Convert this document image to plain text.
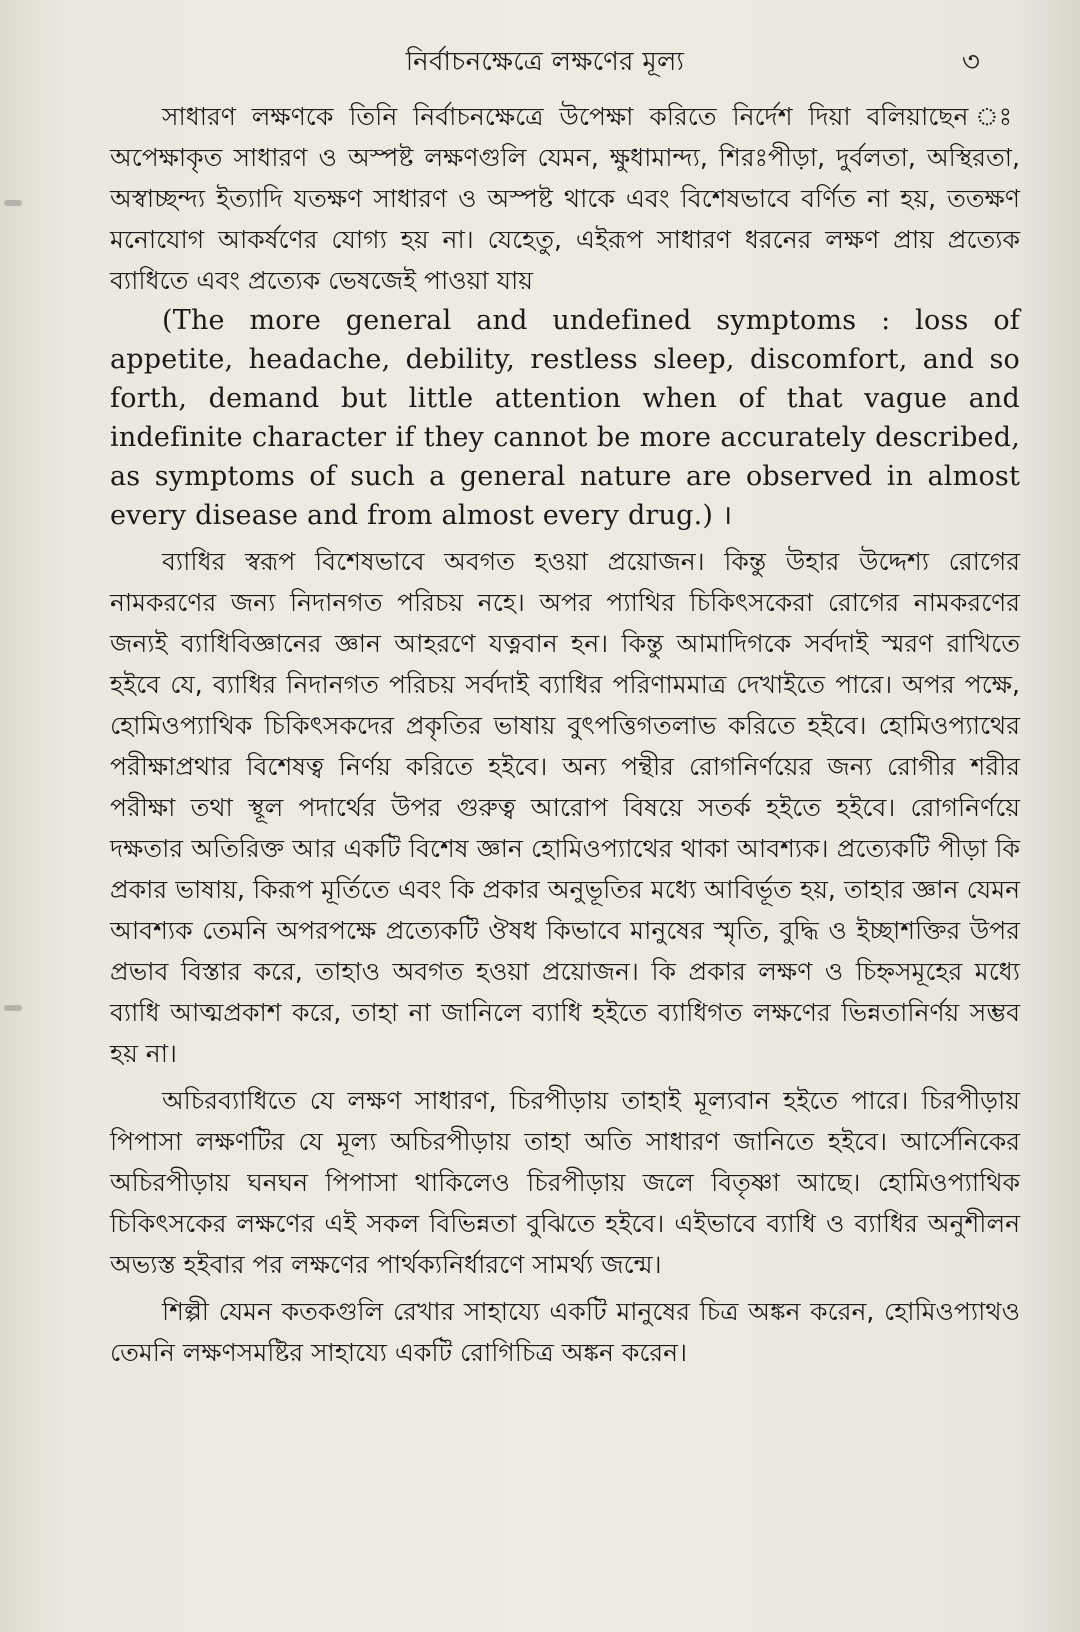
নির্বাচনক্ষেত্রে লক্ষণের মূল্য	৩

সাধারণ লক্ষণকে তিনি নির্বাচনক্ষেত্রে উপেক্ষা করিতে নির্দেশ দিয়া বলিয়াছেন ঃ অপেক্ষাকৃত সাধারণ ও অস্পষ্ট লক্ষণগুলি যেমন, ক্ষুধামান্দ্য, শিরঃপীড়া, দুর্বলতা, অস্থিরতা, অস্বাচ্ছন্দ্য ইত্যাদি যতক্ষণ সাধারণ ও অস্পষ্ট থাকে এবং বিশেষভাবে বর্ণিত না হয়, ততক্ষণ মনোযোগ আকর্ষণের যোগ্য হয় না। যেহেতু, এইরূপ সাধারণ ধরনের লক্ষণ প্রায় প্রত্যেক ব্যাধিতে এবং প্রত্যেক ভেষজেই পাওয়া যায়
(The more general and undefined symptoms : loss of appetite, headache, debility, restless sleep, discomfort, and so forth, demand but little attention when of that vague and indefinite character if they cannot be more accurately described, as symptoms of such a general nature are observed in almost every disease and from almost every drug.) ।

ব্যাধির স্বরূপ বিশেষভাবে অবগত হওয়া প্রয়োজন। কিন্তু উহার উদ্দেশ্য রোগের নামকরণের জন্য নিদানগত পরিচয় নহে। অপর প্যাথির চিকিৎসকেরা রোগের নামকরণের জন্যই ব্যাধিবিজ্ঞানের জ্ঞান আহরণে যত্নবান হন। কিন্তু আমাদিগকে সর্বদাই স্মরণ রাখিতে হইবে যে, ব্যাধির নিদানগত পরিচয় সর্বদাই ব্যাধির পরিণামমাত্র দেখাইতে পারে। অপর পক্ষে, হোমিওপ্যাথিক চিকিৎসকদের প্রকৃতির ভাষায় বুৎপত্তিগতলাভ করিতে হইবে। হোমিওপ্যাথের পরীক্ষাপ্রথার বিশেষত্ব নির্ণয় করিতে হইবে। অন্য পন্থীর রোগনির্ণয়ের জন্য রোগীর শরীর পরীক্ষা তথা স্থূল পদার্থের উপর গুরুত্ব আরোপ বিষয়ে সতর্ক হইতে হইবে। রোগনির্ণয়ে দক্ষতার অতিরিক্ত আর একটি বিশেষ জ্ঞান হোমিওপ্যাথের থাকা আবশ্যক। প্রত্যেকটি পীড়া কি প্রকার ভাষায়, কিরূপ মূর্তিতে এবং কি প্রকার অনুভূতির মধ্যে আবির্ভূত হয়, তাহার জ্ঞান যেমন আবশ্যক তেমনি অপরপক্ষে প্রত্যেকটি ঔষধ কিভাবে মানুষের স্মৃতি, বুদ্ধি ও ইচ্ছাশক্তির উপর প্রভাব বিস্তার করে, তাহাও অবগত হওয়া প্রয়োজন। কি প্রকার লক্ষণ ও চিহ্নসমূহের মধ্যে ব্যাধি আত্মপ্রকাশ করে, তাহা না জানিলে ব্যাধি হইতে ব্যাধিগত লক্ষণের ভিন্নতানির্ণয় সম্ভব হয় না।

অচিরব্যাধিতে যে লক্ষণ সাধারণ, চিরপীড়ায় তাহাই মূল্যবান হইতে পারে। চিরপীড়ায় পিপাসা লক্ষণটির যে মূল্য অচিরপীড়ায় তাহা অতি সাধারণ জানিতে হইবে। আর্সেনিকের অচিরপীড়ায় ঘনঘন পিপাসা থাকিলেও চিরপীড়ায় জলে বিতৃষ্ণা আছে। হোমিওপ্যাথিক চিকিৎসকের লক্ষণের এই সকল বিভিন্নতা বুঝিতে হইবে। এইভাবে ব্যাধি ও ব্যাধির অনুশীলন অভ্যস্ত হইবার পর লক্ষণের পার্থক্যনির্ধারণে সামর্থ্য জন্মে।

শিল্পী যেমন কতকগুলি রেখার সাহায্যে একটি মানুষের চিত্র অঙ্কন করেন, হোমিওপ্যাথও তেমনি লক্ষণসমষ্টির সাহায্যে একটি রোগিচিত্র অঙ্কন করেন।
